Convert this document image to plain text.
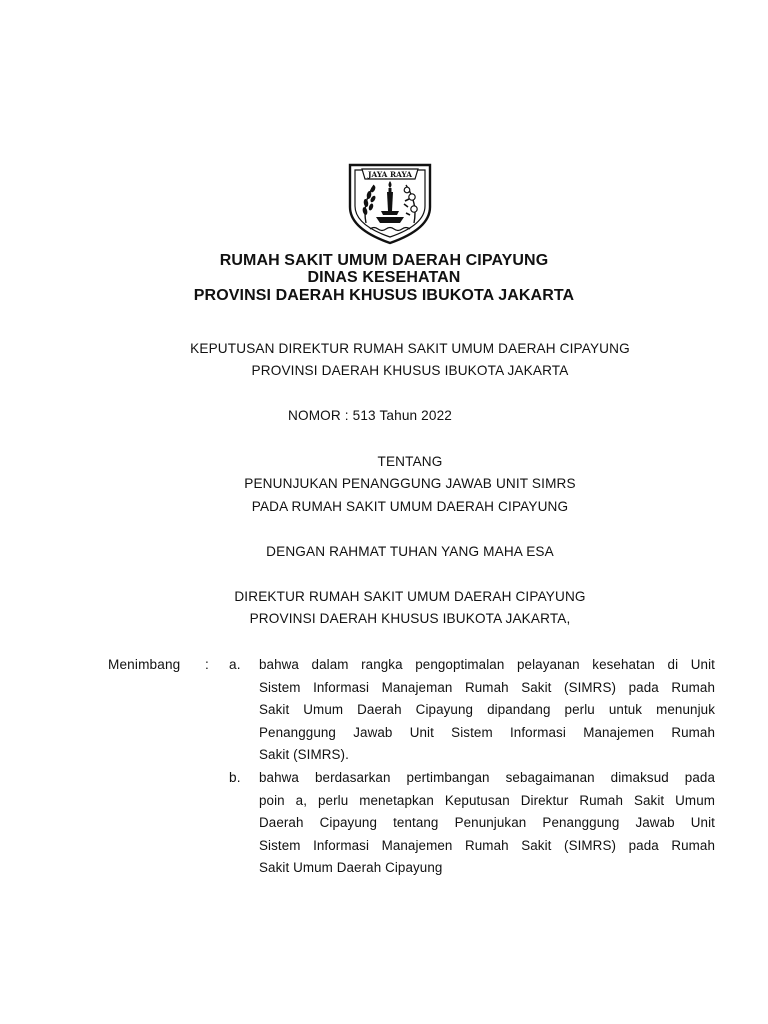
JAYA RAYA
RUMAH SAKIT UMUM DAERAH CIPAYUNG
DINAS KESEHATAN
PROVINSI DAERAH KHUSUS IBUKOTA JAKARTA
KEPUTUSAN DIREKTUR RUMAH SAKIT UMUM DAERAH CIPAYUNG
PROVINSI DAERAH KHUSUS IBUKOTA JAKARTA
NOMOR : 513 Tahun 2022
TENTANG
PENUNJUKAN PENANGGUNG JAWAB UNIT SIMRS
PADA RUMAH SAKIT UMUM DAERAH CIPAYUNG
DENGAN RAHMAT TUHAN YANG MAHA ESA
DIREKTUR RUMAH SAKIT UMUM DAERAH CIPAYUNG
PROVINSI DAERAH KHUSUS IBUKOTA JAKARTA,
Menimbang : a. bahwa dalam rangka pengoptimalan pelayanan kesehatan di Unit
Sistem Informasi Manajeman Rumah Sakit (SIMRS) pada Rumah
Sakit Umum Daerah Cipayung dipandang perlu untuk menunjuk
Penanggung Jawab Unit Sistem Informasi Manajemen Rumah
Sakit (SIMRS).
b. bahwa berdasarkan pertimbangan sebagaimanan dimaksud pada
poin a, perlu menetapkan Keputusan Direktur Rumah Sakit Umum
Daerah Cipayung tentang Penunjukan Penanggung Jawab Unit
Sistem Informasi Manajemen Rumah Sakit (SIMRS) pada Rumah
Sakit Umum Daerah Cipayung
